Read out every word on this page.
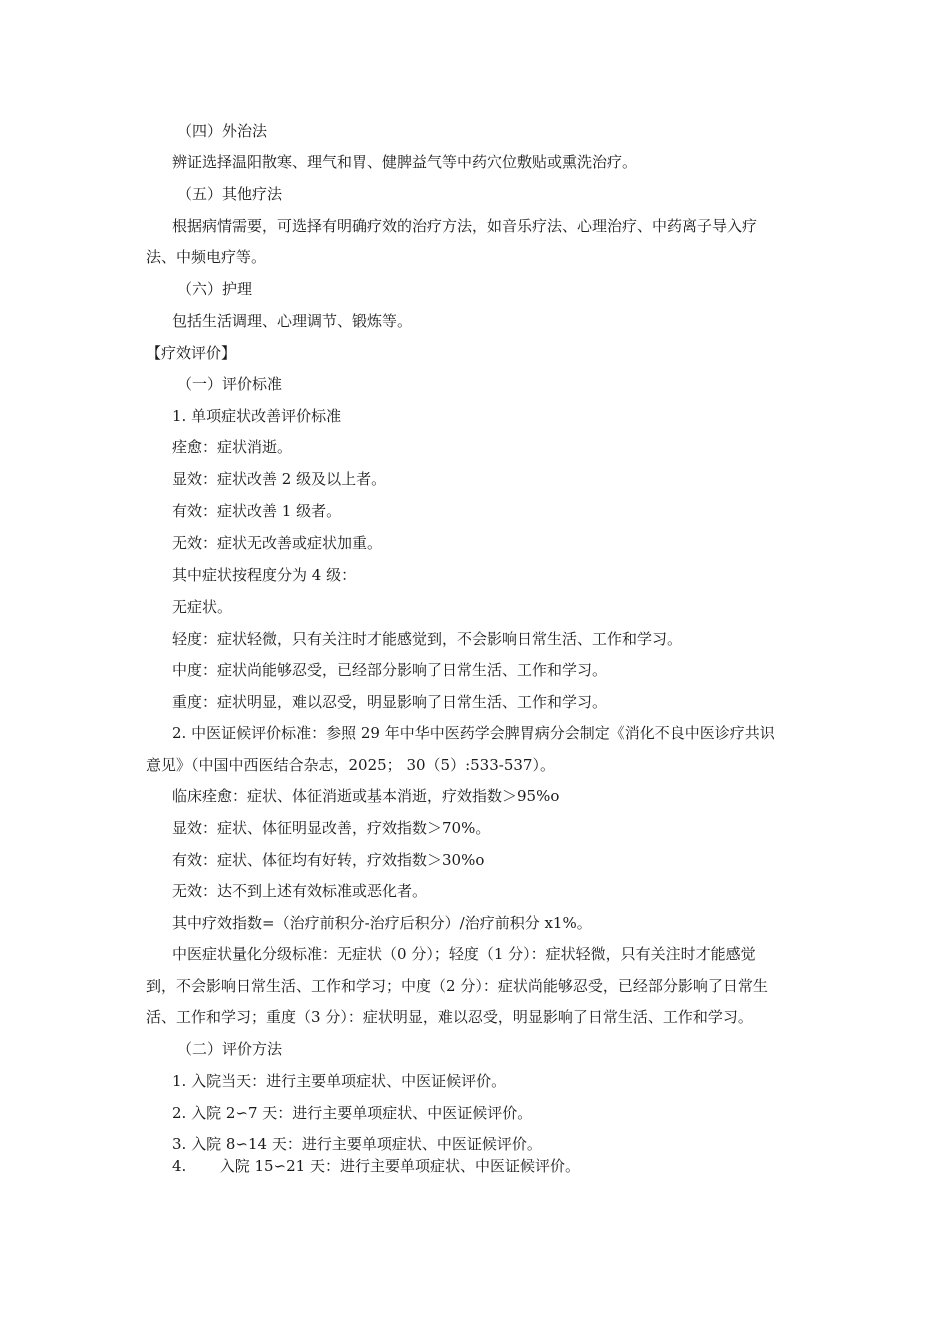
（四）外治法

辨证选择温阳散寒、理气和胃、健脾益气等中药穴位敷贴或熏洗治疗。

（五）其他疗法

根据病情需要，可选择有明确疗效的治疗方法，如音乐疗法、心理治疗、中药离子导入疗

法、中频电疗等。

（六）护理

包括生活调理、心理调节、锻炼等。

【疗效评价】

（一）评价标准

1. 单项症状改善评价标准

痊愈：症状消逝。

显效：症状改善 2 级及以上者。

有效：症状改善 1 级者。

无效：症状无改善或症状加重。

其中症状按程度分为 4 级：

无症状。

轻度：症状轻微，只有关注时才能感觉到，不会影响日常生活、工作和学习。

中度：症状尚能够忍受，已经部分影响了日常生活、工作和学习。

重度：症状明显，难以忍受，明显影响了日常生活、工作和学习。

2. 中医证候评价标准：参照 29 年中华中医药学会脾胃病分会制定《消化不良中医诊疗共识

意见》（中国中西医结合杂志，2025； 30（5）:533-537）。

临床痊愈：症状、体征消逝或基本消逝，疗效指数＞95%o

显效：症状、体征明显改善，疗效指数＞70%。

有效：症状、体征均有好转，疗效指数＞30%o

无效：达不到上述有效标准或恶化者。

其中疗效指数=（治疗前积分-治疗后积分）/治疗前积分 x1%。

中医症状量化分级标准：无症状（0 分）；轻度（1 分）：症状轻微，只有关注时才能感觉

到，不会影响日常生活、工作和学习；中度（2 分）：症状尚能够忍受，已经部分影响了日常生

活、工作和学习；重度（3 分）：症状明显，难以忍受，明显影响了日常生活、工作和学习。

（二）评价方法

1. 入院当天：进行主要单项症状、中医证候评价。

2. 入院 2∽7 天：进行主要单项症状、中医证候评价。

3. 入院 8∽14 天：进行主要单项症状、中医证候评价。

4.       入院 15∽21 天：进行主要单项症状、中医证候评价。
